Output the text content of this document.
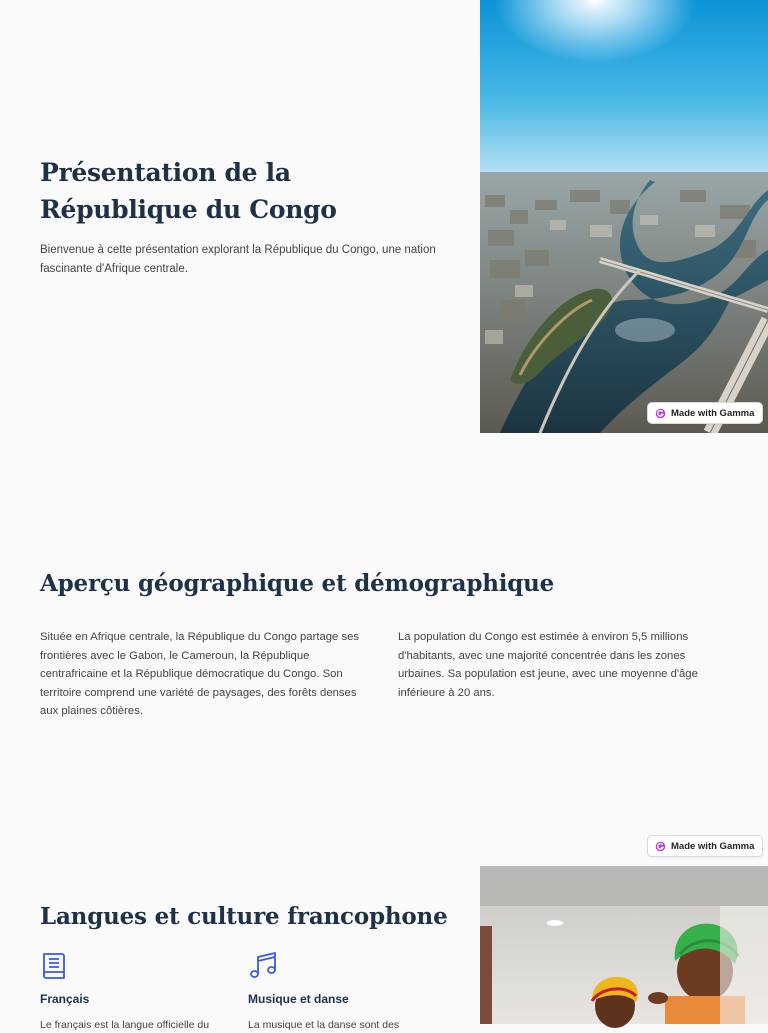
Présentation de la République du Congo

Bienvenue à cette présentation explorant la République du Congo, une nation fascinante d'Afrique centrale.

Aperçu géographique et démographique

Située en Afrique centrale, la République du Congo partage ses frontières avec le Gabon, le Cameroun, la République centrafricaine et la République démocratique du Congo. Son territoire comprend une variété de paysages, des forêts denses aux plaines côtières.

La population du Congo est estimée à environ 5,5 millions d'habitants, avec une majorité concentrée dans les zones urbaines. Sa population est jeune, avec une moyenne d'âge inférieure à 20 ans.

Langues et culture francophone
Français
Le français est la langue officielle du
Musique et danse
La musique et la danse sont des
Made with Gamma
Made with Gamma
